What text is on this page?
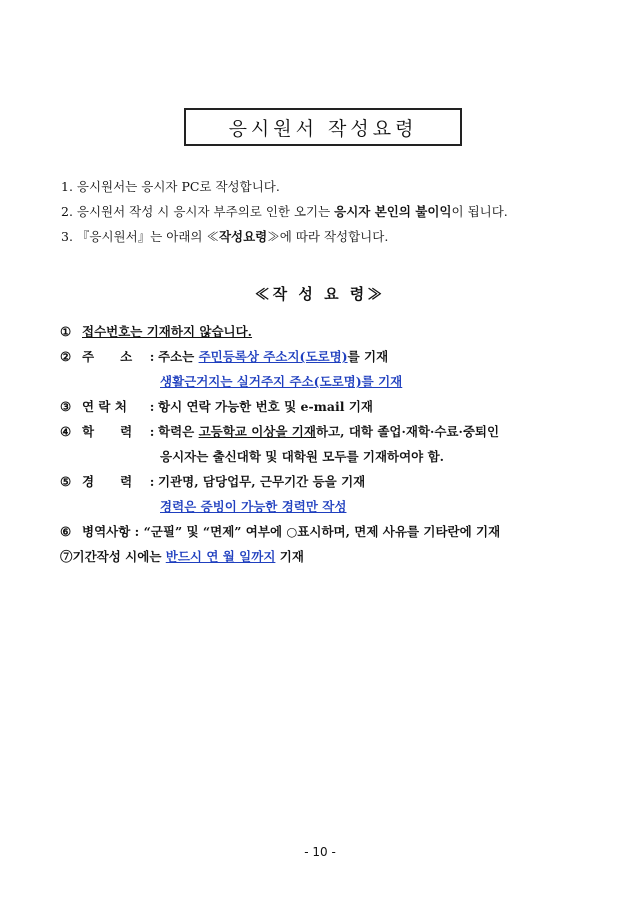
응시원서 작성요령
1. 응시원서는 응시자 PC로 작성합니다.
2. 응시원서 작성 시 응시자 부주의로 인한 오기는 응시자 본인의 불이익이 됩니다.
3. 『응시원서』는 아래의 ≪작성요령≫에 따라 작성합니다.
≪작 성 요 령≫
① 접수번호는 기재하지 않습니다.
② 주      소 : 주소는 주민등록상 주소지(도로명)를 기재
생활근거지는 실거주지 주소(도로명)를 기재
③ 연 락 처 : 항시 연락 가능한 번호 및 e-mail 기재
④ 학      력 : 학력은 고등학교 이상을 기재하고, 대학 졸업·재학·수료·중퇴인
응시자는 출신대학 및 대학원 모두를 기재하여야 함.
⑤ 경      력 : 기관명, 담당업무, 근무기간 등을 기재
경력은 증빙이 가능한 경력만 작성
⑥ 병역사항 : “군필” 및 “면제” 여부에 ○표시하며, 면제 사유를 기타란에 기재
⑦기간작성 시에는 반드시 연 월 일까지 기재
- 10 -
